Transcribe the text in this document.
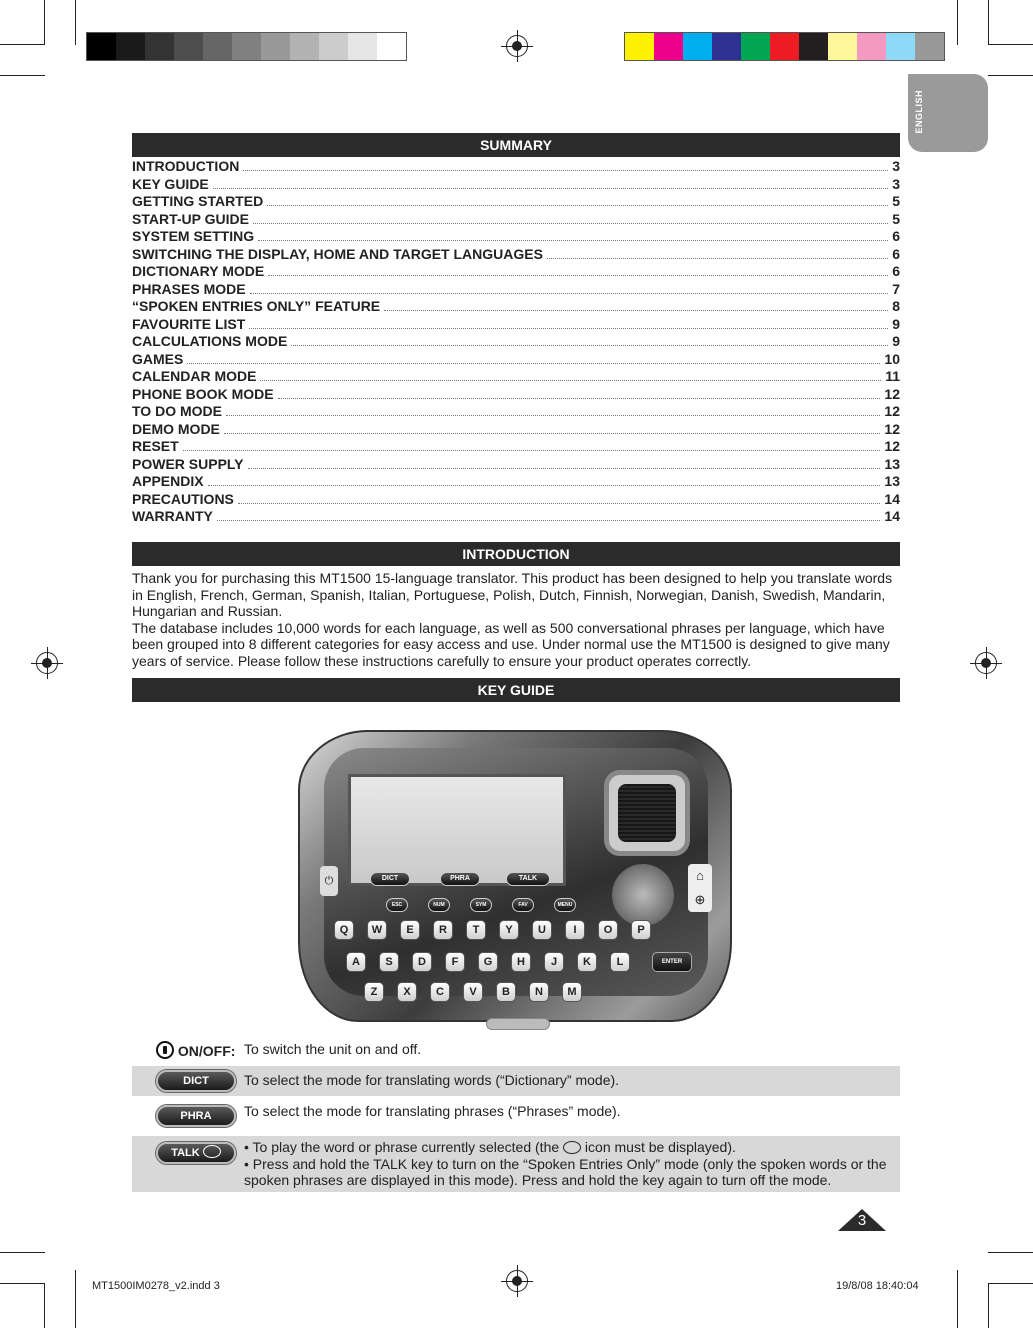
ENGLISH
SUMMARY
INTRODUCTION	3
KEY GUIDE	3
GETTING STARTED	5
START-UP GUIDE	5
SYSTEM SETTING	6
SWITCHING THE DISPLAY, HOME AND TARGET LANGUAGES	6
DICTIONARY MODE	6
PHRASES MODE	7
“SPOKEN ENTRIES ONLY” FEATURE	8
FAVOURITE LIST	9
CALCULATIONS MODE	9
GAMES	10
CALENDAR MODE	11
PHONE BOOK MODE	12
TO DO MODE	12
DEMO MODE	12
RESET	12
POWER SUPPLY	13
APPENDIX	13
PRECAUTIONS	14
WARRANTY	14
INTRODUCTION

Thank you for purchasing this MT1500 15-language translator. This product has been designed to help you translate words in English, French, German, Spanish, Italian, Portuguese, Polish, Dutch, Finnish, Norwegian, Danish, Swedish, Mandarin, Hungarian and Russian.

The database includes 10,000 words for each language, as well as 500 conversational phrases per language, which have been grouped into 8 different categories for easy access and use. Under normal use the MT1500 is designed to give many years of service. Please follow these instructions carefully to ensure your product operates correctly.

KEY GUIDE
⌂
⊕
⏻
ENTER
DICT	PHRA	TALK
ESC	NUM	SYM	FAV	MENU
Q	W	E	R	T	Y	U	I	O	P
A	S	D	F	G	H	J	K	L
Z	X	C	V	B	N	M
ON/OFF: To switch the unit on and off.
DICT	To select the mode for translating words (“Dictionary” mode).
PHRA	To select the mode for translating phrases (“Phrases” mode).
TALK	• To play the word or phrase currently selected (the icon must be displayed).
• Press and hold the TALK key to turn on the “Spoken Entries Only” mode (only the spoken words or the spoken phrases are displayed in this mode). Press and hold the key again to turn off the mode.
3
MT1500IM0278_v2.indd 3	19/8/08 18:40:04
